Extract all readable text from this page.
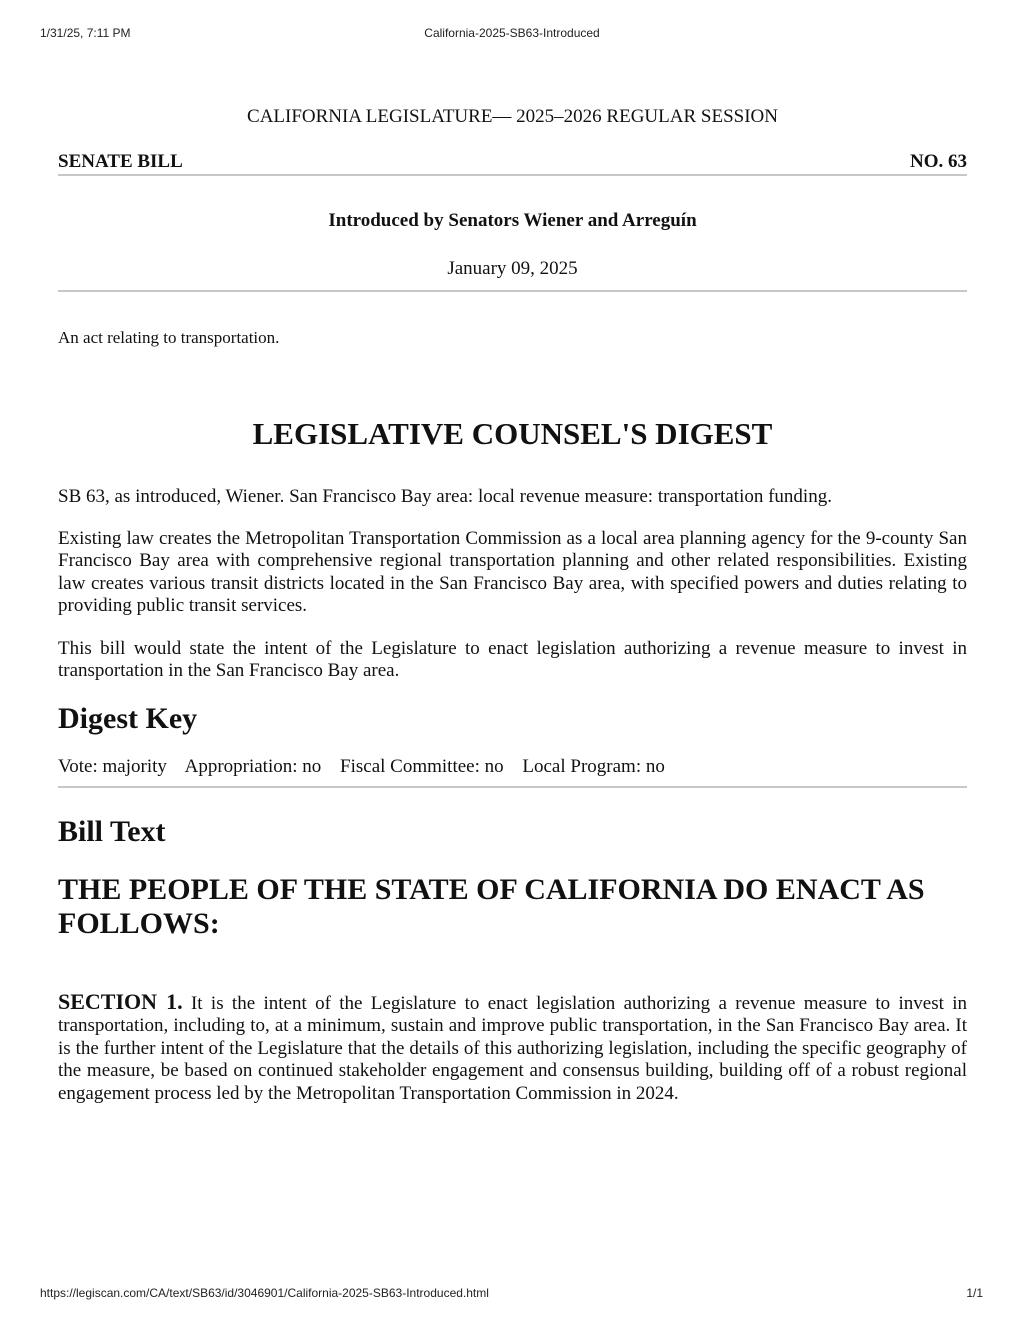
1/31/25, 7:11 PM	California-2025-SB63-Introduced
CALIFORNIA LEGISLATURE— 2025–2026 REGULAR SESSION
SENATE BILL	NO. 63
Introduced by Senators Wiener and Arreguín
January 09, 2025
An act relating to transportation.
LEGISLATIVE COUNSEL'S DIGEST

SB 63, as introduced, Wiener. San Francisco Bay area: local revenue measure: transportation funding.

Existing law creates the Metropolitan Transportation Commission as a local area planning agency for the 9-county San Francisco Bay area with comprehensive regional transportation planning and other related responsibilities. Existing law creates various transit districts located in the San Francisco Bay area, with specified powers and duties relating to providing public transit services.

This bill would state the intent of the Legislature to enact legislation authorizing a revenue measure to invest in transportation in the San Francisco Bay area.

Digest Key
Vote: majority Appropriation: no Fiscal Committee: no Local Program: no
Bill Text
THE PEOPLE OF THE STATE OF CALIFORNIA DO ENACT AS FOLLOWS:

SECTION 1. It is the intent of the Legislature to enact legislation authorizing a revenue measure to invest in transportation, including to, at a minimum, sustain and improve public transportation, in the San Francisco Bay area. It is the further intent of the Legislature that the details of this authorizing legislation, including the specific geography of the measure, be based on continued stakeholder engagement and consensus building, building off of a robust regional engagement process led by the Metropolitan Transportation Commission in 2024.

https://legiscan.com/CA/text/SB63/id/3046901/California-2025-SB63-Introduced.html	1/1
